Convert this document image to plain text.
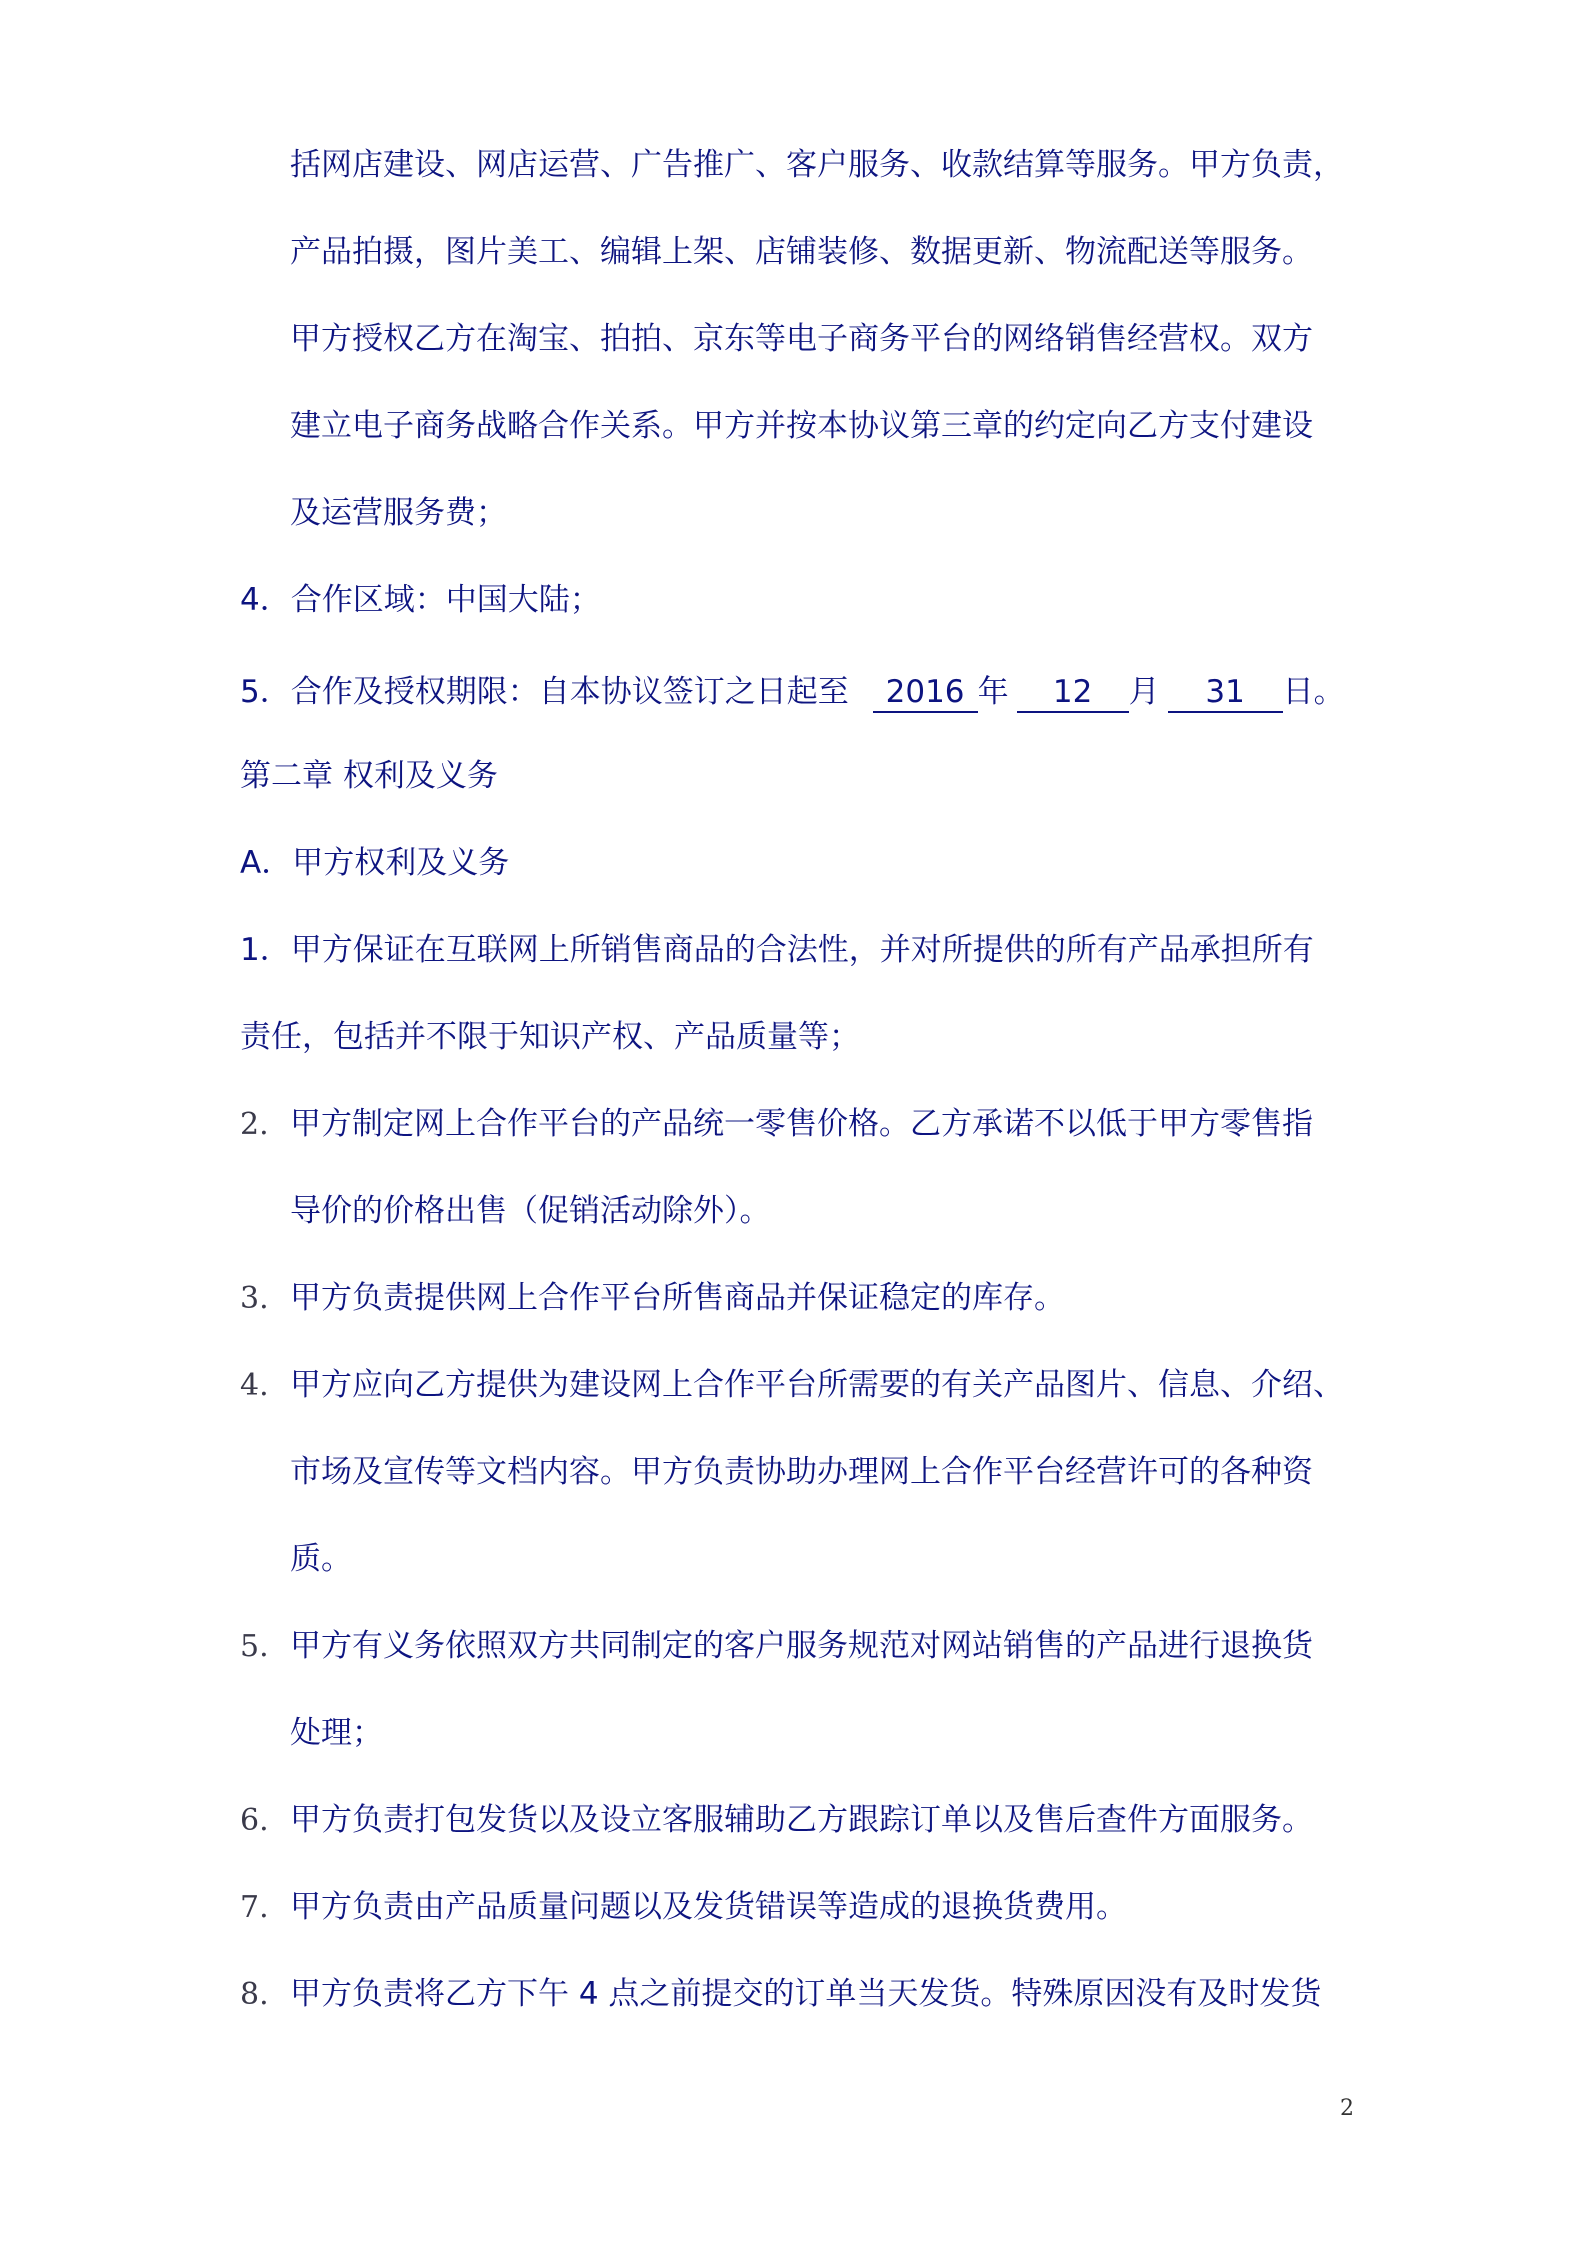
括网店建设、网店运营、广告推广、客户服务、收款结算等服务。甲方负责，
产品拍摄，图片美工、编辑上架、店铺装修、数据更新、物流配送等服务。
甲方授权乙方在淘宝、拍拍、京东等电子商务平台的网络销售经营权。双方
建立电子商务战略合作关系。甲方并按本协议第三章的约定向乙方支付建设
及运营服务费；
4．合作区域：中国大陆；
5．合作及授权期限：自本协议签订之日起至 2016 年 12 月 31 日。
第二章 权利及义务
A．甲方权利及义务
1．甲方保证在互联网上所销售商品的合法性，并对所提供的所有产品承担所有
责任，包括并不限于知识产权、产品质量等；
2. 甲方制定网上合作平台的产品统一零售价格。乙方承诺不以低于甲方零售指
导价的价格出售（促销活动除外）。
3. 甲方负责提供网上合作平台所售商品并保证稳定的库存。
4. 甲方应向乙方提供为建设网上合作平台所需要的有关产品图片、信息、介绍、
市场及宣传等文档内容。甲方负责协助办理网上合作平台经营许可的各种资
质。
5. 甲方有义务依照双方共同制定的客户服务规范对网站销售的产品进行退换货
处理；
6. 甲方负责打包发货以及设立客服辅助乙方跟踪订单以及售后查件方面服务。
7. 甲方负责由产品质量问题以及发货错误等造成的退换货费用。
8. 甲方负责将乙方下午 4 点之前提交的订单当天发货。特殊原因没有及时发货
2
